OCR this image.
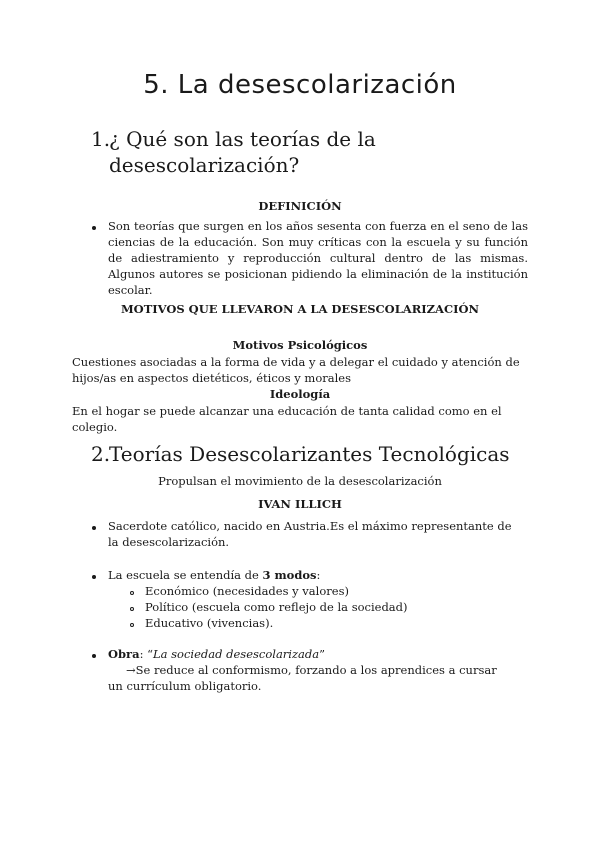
5. La desescolarización
1.
¿ Qué son las teorías de la desescolarización?
DEFINICIÓN
Son teorías que surgen en los años sesenta con fuerza en el seno de las ciencias de la educación. Son muy críticas con la escuela y su función de adiestramiento y reproducción cultural dentro de las mismas. Algunos autores se posicionan pidiendo la eliminación de la institución escolar.
MOTIVOS QUE LLEVARON A LA DESESCOLARIZACIÓN
Motivos Psicológicos
Cuestiones asociadas a la forma de vida y a delegar el cuidado y atención de hijos/as en aspectos dietéticos, éticos y morales
Ideología
En el hogar se puede alcanzar una educación de tanta calidad como en el colegio.
2.
Teorías Desescolarizantes Tecnológicas
Propulsan el movimiento de la desescolarización
IVAN ILLICH
Sacerdote católico, nacido en Austria.Es el máximo representante de la desescolarización.
La escuela se entendía de 3 modos:
Económico (necesidades y valores)
Político (escuela como reflejo de la sociedad)
Educativo (vivencias).
Obra: “La sociedad desescolarizada”
→Se reduce al conformismo, forzando a los aprendices a cursar un currículum obligatorio.
